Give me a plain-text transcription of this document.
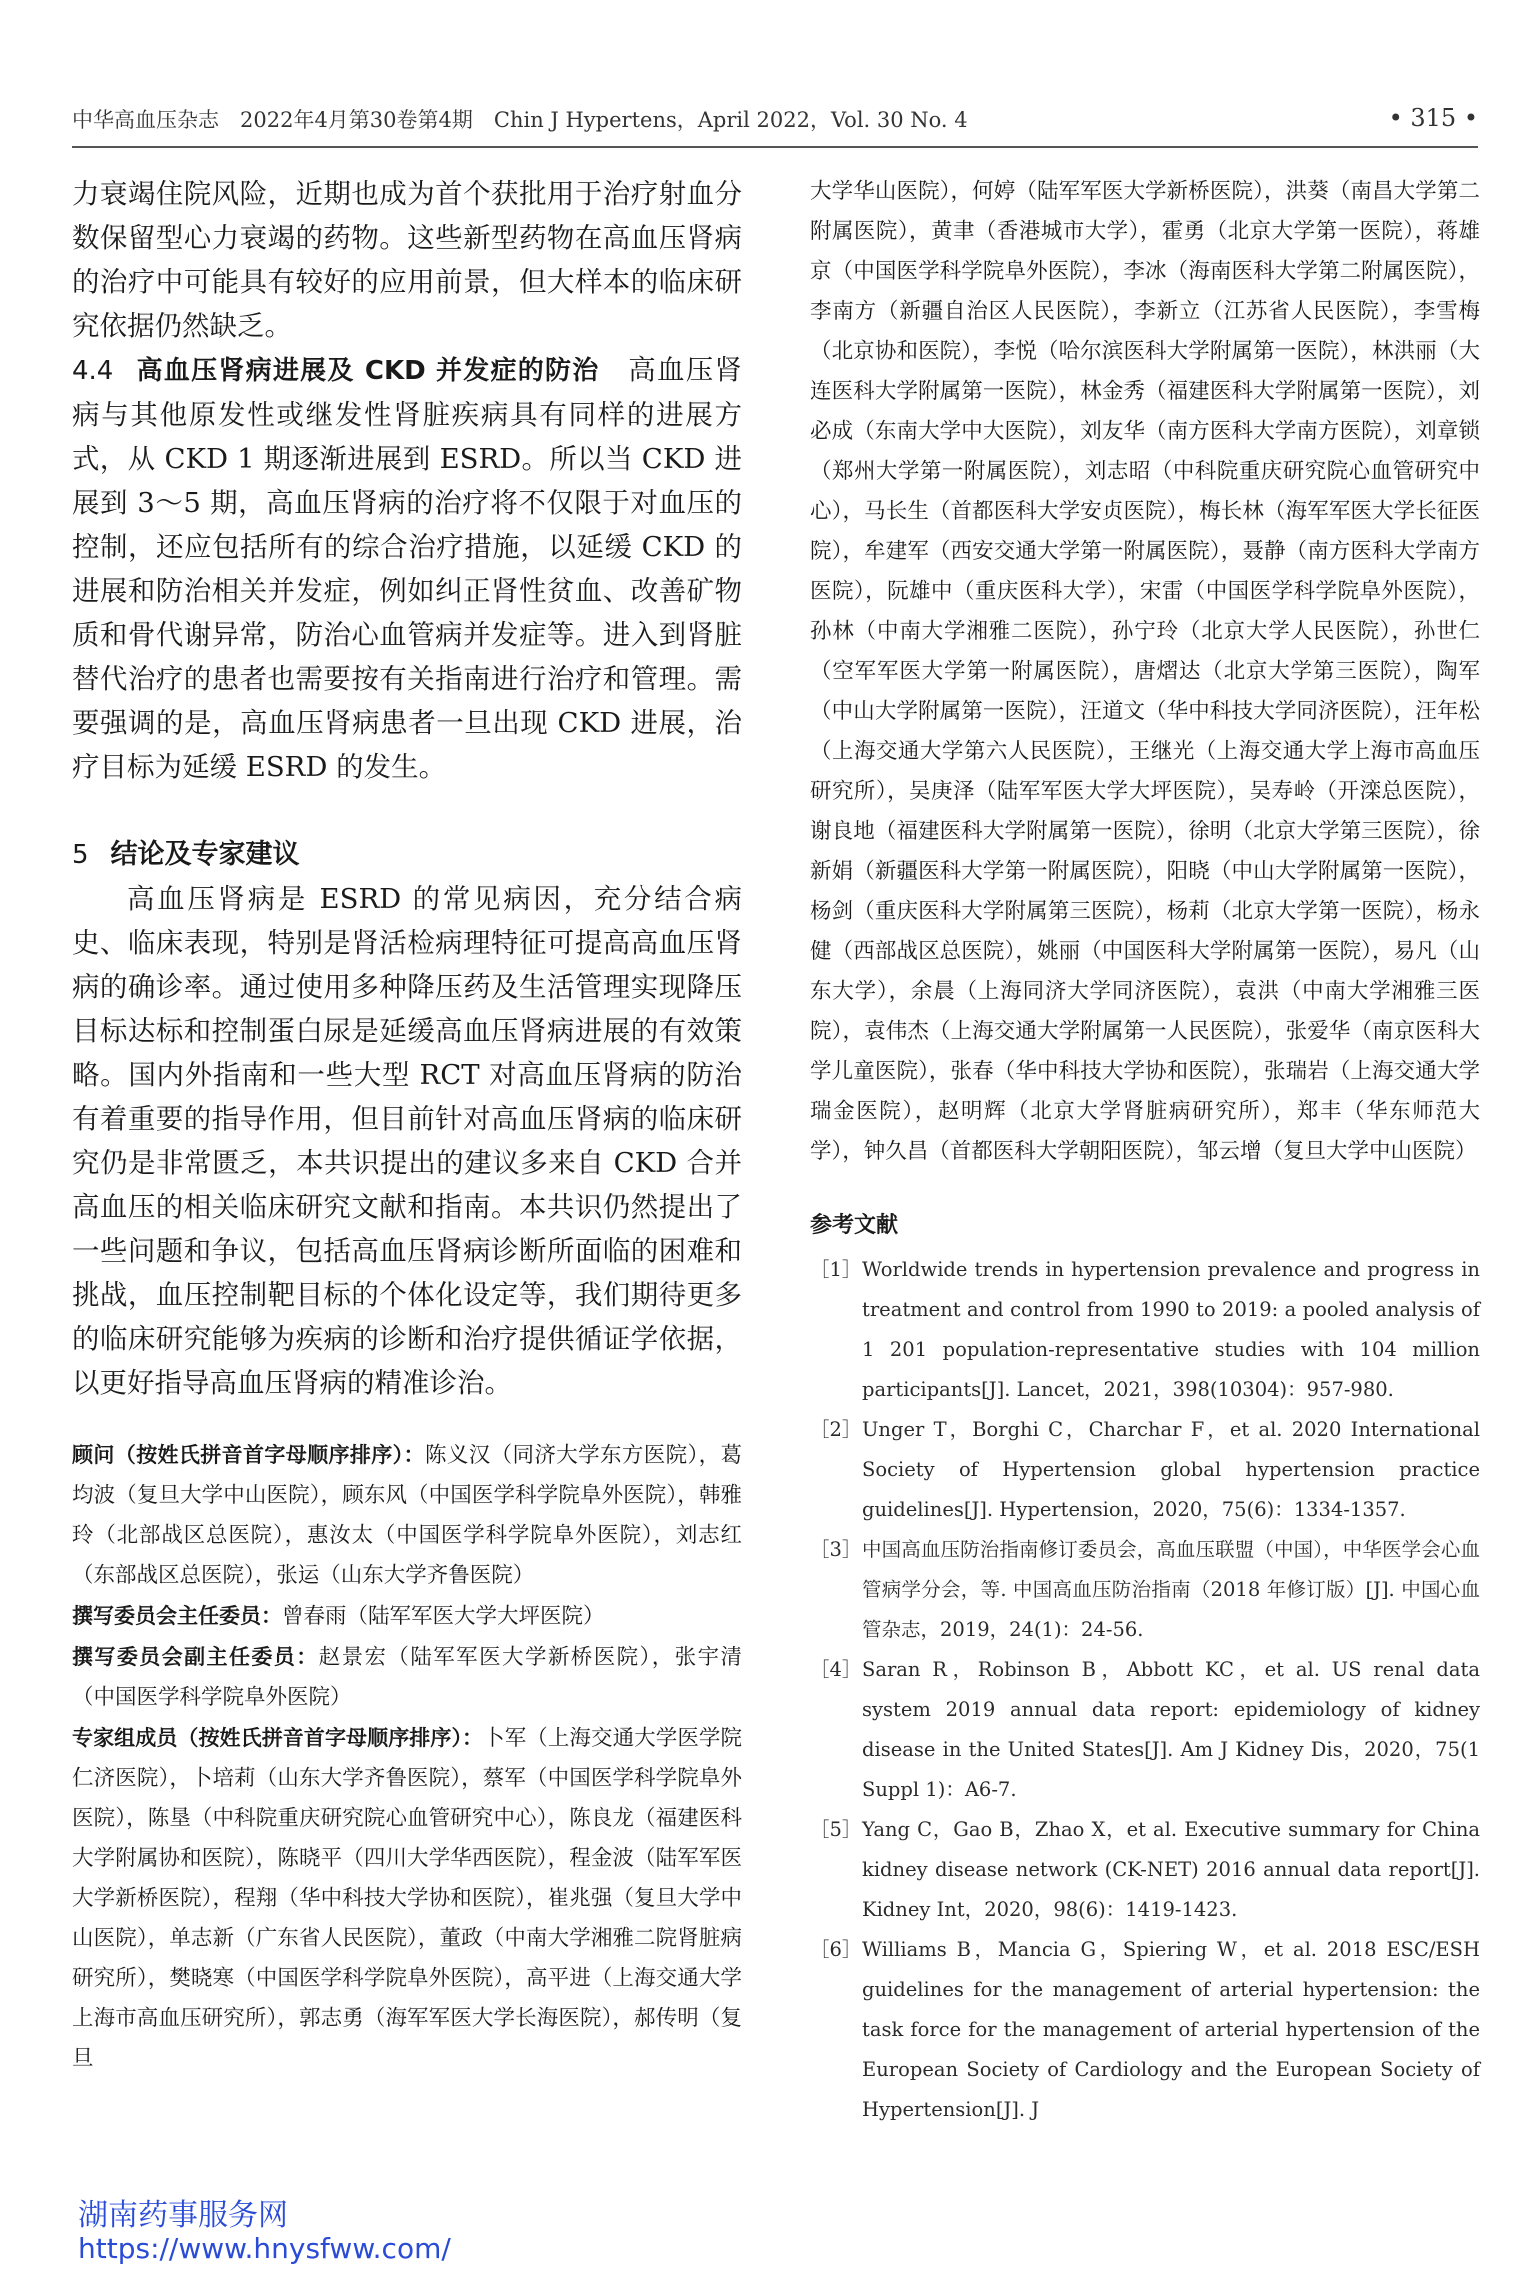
中华高血压杂志　2022年4月第30卷第4期　Chin J Hypertens，April 2022，Vol. 30 No. 4	• 315 •

力衰竭住院风险，近期也成为首个获批用于治疗射血分数保留型心力衰竭的药物。这些新型药物在高血压肾病的治疗中可能具有较好的应用前景，但大样本的临床研究依据仍然缺乏。

4.4 高血压肾病进展及 CKD 并发症的防治　 高血压肾病与其他原发性或继发性肾脏疾病具有同样的进展方式，从 CKD 1 期逐渐进展到 ESRD。所以当 CKD 进展到 3～5 期，高血压肾病的治疗将不仅限于对血压的控制，还应包括所有的综合治疗措施，以延缓 CKD 的进展和防治相关并发症，例如纠正肾性贫血、改善矿物质和骨代谢异常，防治心血管病并发症等。进入到肾脏替代治疗的患者也需要按有关指南进行治疗和管理。需要强调的是，高血压肾病患者一旦出现 CKD 进展，治疗目标为延缓 ESRD 的发生。

5 结论及专家建议

高血压肾病是 ESRD 的常见病因，充分结合病史、临床表现，特别是肾活检病理特征可提高高血压肾病的确诊率。通过使用多种降压药及生活管理实现降压目标达标和控制蛋白尿是延缓高血压肾病进展的有效策略。国内外指南和一些大型 RCT 对高血压肾病的防治有着重要的指导作用，但目前针对高血压肾病的临床研究仍是非常匮乏，本共识提出的建议多来自 CKD 合并高血压的相关临床研究文献和指南。本共识仍然提出了一些问题和争议，包括高血压肾病诊断所面临的困难和挑战，血压控制靶目标的个体化设定等，我们期待更多的临床研究能够为疾病的诊断和治疗提供循证学依据，以更好指导高血压肾病的精准诊治。

顾问（按姓氏拼音首字母顺序排序）：陈义汉（同济大学东方医院），葛均波（复旦大学中山医院），顾东风（中国医学科学院阜外医院），韩雅玲（北部战区总医院），惠汝太（中国医学科学院阜外医院），刘志红（东部战区总医院），张运（山东大学齐鲁医院）

撰写委员会主任委员：曾春雨（陆军军医大学大坪医院）

撰写委员会副主任委员：赵景宏（陆军军医大学新桥医院），张宇清（中国医学科学院阜外医院）

专家组成员（按姓氏拼音首字母顺序排序）：卜军（上海交通大学医学院仁济医院），卜培莉（山东大学齐鲁医院），蔡军（中国医学科学院阜外医院），陈垦（中科院重庆研究院心血管研究中心），陈良龙（福建医科大学附属协和医院），陈晓平（四川大学华西医院），程金波（陆军军医大学新桥医院），程翔（华中科技大学协和医院），崔兆强（复旦大学中山医院），单志新（广东省人民医院），董政（中南大学湘雅二院肾脏病研究所），樊晓寒（中国医学科学院阜外医院），高平进（上海交通大学上海市高血压研究所），郭志勇（海军军医大学长海医院），郝传明（复旦

大学华山医院），何婷（陆军军医大学新桥医院），洪葵（南昌大学第二附属医院），黄聿（香港城市大学），霍勇（北京大学第一医院），蒋雄京（中国医学科学院阜外医院），李冰（海南医科大学第二附属医院），李南方（新疆自治区人民医院），李新立（江苏省人民医院），李雪梅（北京协和医院），李悦（哈尔滨医科大学附属第一医院），林洪丽（大连医科大学附属第一医院），林金秀（福建医科大学附属第一医院），刘必成（东南大学中大医院），刘友华（南方医科大学南方医院），刘章锁（郑州大学第一附属医院），刘志昭（中科院重庆研究院心血管研究中心），马长生（首都医科大学安贞医院），梅长林（海军军医大学长征医院），牟建军（西安交通大学第一附属医院），聂静（南方医科大学南方医院），阮雄中（重庆医科大学），宋雷（中国医学科学院阜外医院），孙林（中南大学湘雅二医院），孙宁玲（北京大学人民医院），孙世仁（空军军医大学第一附属医院），唐熠达（北京大学第三医院），陶军（中山大学附属第一医院），汪道文（华中科技大学同济医院），汪年松（上海交通大学第六人民医院），王继光（上海交通大学上海市高血压研究所），吴庚泽（陆军军医大学大坪医院），吴寿岭（开滦总医院），谢良地（福建医科大学附属第一医院），徐明（北京大学第三医院），徐新娟（新疆医科大学第一附属医院），阳晓（中山大学附属第一医院），杨剑（重庆医科大学附属第三医院），杨莉（北京大学第一医院），杨永健（西部战区总医院），姚丽（中国医科大学附属第一医院），易凡（山东大学），余晨（上海同济大学同济医院），袁洪（中南大学湘雅三医院），袁伟杰（上海交通大学附属第一人民医院），张爱华（南京医科大学儿童医院），张春（华中科技大学协和医院），张瑞岩（上海交通大学瑞金医院），赵明辉（北京大学肾脏病研究所），郑丰（华东师范大学），钟久昌（首都医科大学朝阳医院），邹云增（复旦大学中山医院）

参考文献

［1］ Worldwide trends in hypertension prevalence and progress in treatment and control from 1990 to 2019: a pooled analysis of 1 201 population-representative studies with 104 million participants[J]. Lancet，2021，398(10304)：957-980.

［2］ Unger T，Borghi C，Charchar F，et al. 2020 International Society of Hypertension global hypertension practice guidelines[J]. Hypertension，2020，75(6)：1334-1357.

［3］ 中国高血压防治指南修订委员会，高血压联盟（中国），中华医学会心血管病学分会，等. 中国高血压防治指南（2018 年修订版）[J]. 中国心血管杂志，2019，24(1)：24-56.

［4］ Saran R，Robinson B，Abbott KC，et al. US renal data system 2019 annual data report: epidemiology of kidney disease in the United States[J]. Am J Kidney Dis，2020，75(1 Suppl 1)：A6-7.

［5］ Yang C，Gao B，Zhao X，et al. Executive summary for China kidney disease network (CK-NET) 2016 annual data report[J]. Kidney Int，2020，98(6)：1419-1423.

［6］ Williams B，Mancia G，Spiering W，et al. 2018 ESC/ESH guidelines for the management of arterial hypertension: the task force for the management of arterial hypertension of the European Society of Cardiology and the European Society of Hypertension[J]. J

湖南药事服务网
https://www.hnysfww.com/
